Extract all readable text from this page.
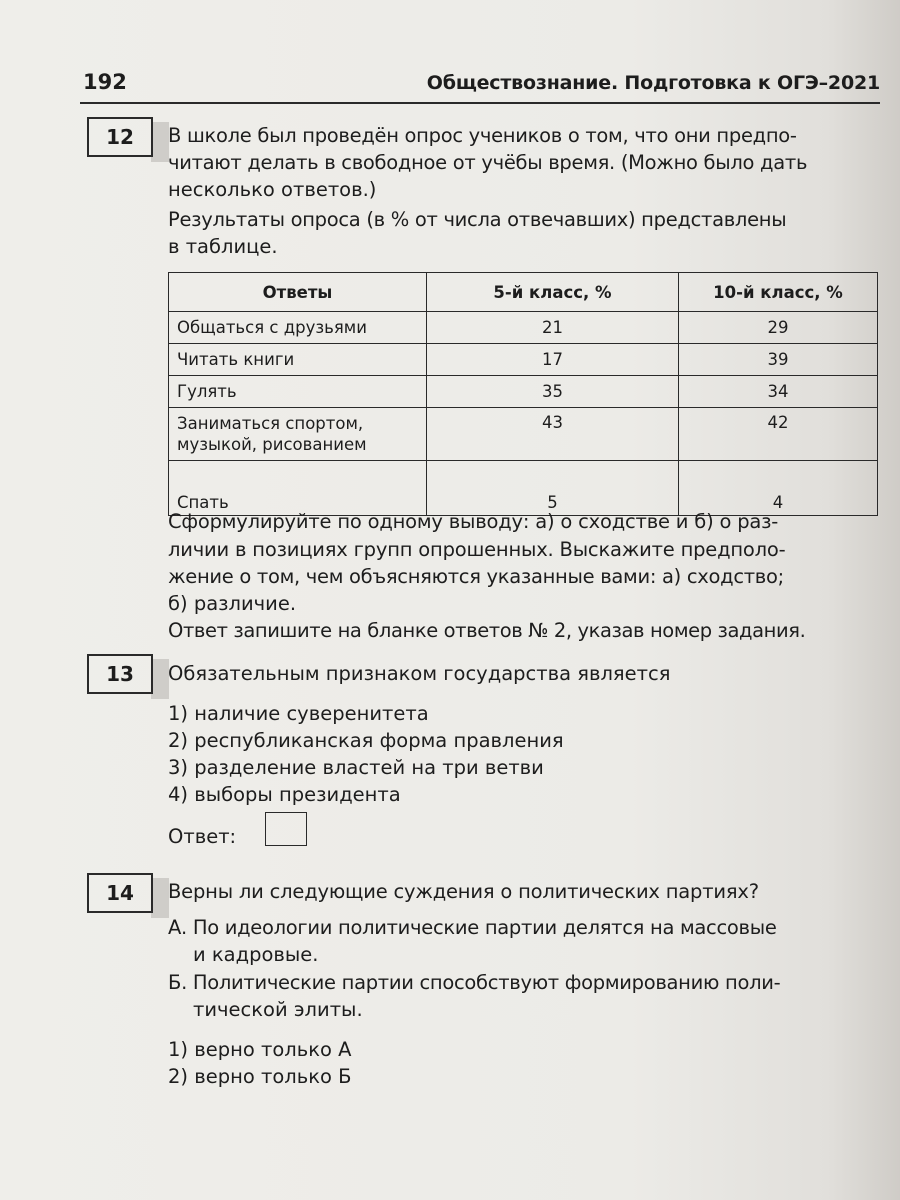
192	Обществознание. Подготовка к ОГЭ–2021
12	В школе был проведён опрос учеников о том, что они предпо-
читают делать в свободное от учёбы время. (Можно было дать
несколько ответов.)
Результаты опроса (в % от числа отвечавших) представлены
в таблице.
Ответы	5-й класс, %	10-й класс, %
Общаться с друзьями	21	29
Читать книги	17	39
Гулять	35	34
Заниматься спортом, музыкой, рисованием	43	42
Спать	5	4
Сформулируйте по одному выводу: а) о сходстве и б) о раз-
личии в позициях групп опрошенных. Выскажите предполо-
жение о том, чем объясняются указанные вами: а) сходство;
б) различие.
Ответ запишите на бланке ответов № 2, указав номер задания.
13	Обязательным признаком государства является
1) наличие суверенитета
2) республиканская форма правления
3) разделение властей на три ветви
4) выборы президента
Ответ:
14	Верны ли следующие суждения о политических партиях?
А. По идеологии политические партии делятся на массовые
и кадровые.
Б. Политические партии способствуют формированию поли-
тической элиты.
1) верно только А
2) верно только Б
